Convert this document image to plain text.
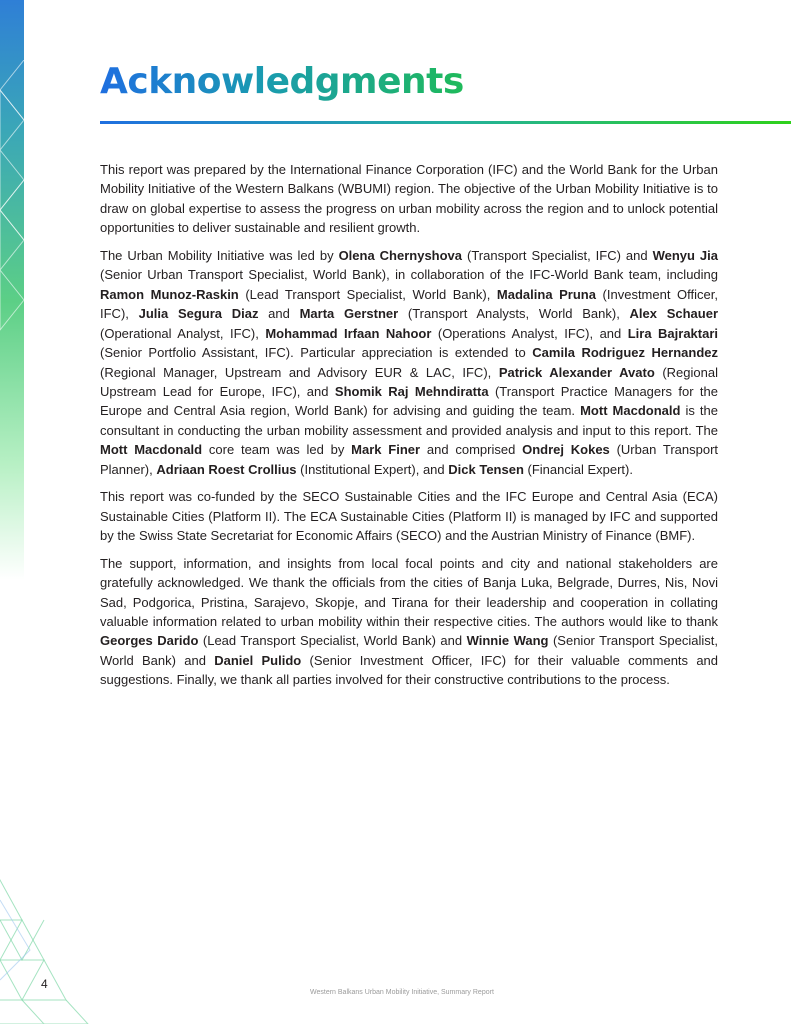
Acknowledgments

This report was prepared by the International Finance Corporation (IFC) and the World Bank for the Urban Mobility Initiative of the Western Balkans (WBUMI) region. The objective of the Urban Mobility Initiative is to draw on global expertise to assess the progress on urban mobility across the region and to unlock potential opportunities to deliver sustainable and resilient growth.

The Urban Mobility Initiative was led by Olena Chernyshova (Transport Specialist, IFC) and Wenyu Jia (Senior Urban Transport Specialist, World Bank), in collaboration of the IFC-World Bank team, including Ramon Munoz-Raskin (Lead Transport Specialist, World Bank), Madalina Pruna (Investment Officer, IFC), Julia Segura Diaz and Marta Gerstner (Transport Analysts, World Bank), Alex Schauer (Operational Analyst, IFC), Mohammad Irfaan Nahoor (Operations Analyst, IFC), and Lira Bajraktari (Senior Portfolio Assistant, IFC). Particular appreciation is extended to Camila Rodriguez Hernandez (Regional Manager, Upstream and Advisory EUR & LAC, IFC), Patrick Alexander Avato (Regional Upstream Lead for Europe, IFC), and Shomik Raj Mehndiratta (Transport Practice Managers for the Europe and Central Asia region, World Bank) for advising and guiding the team. Mott Macdonald is the consultant in conducting the urban mobility assessment and provided analysis and input to this report. The Mott Macdonald core team was led by Mark Finer and comprised Ondrej Kokes (Urban Transport Planner), Adriaan Roest Crollius (Institutional Expert), and Dick Tensen (Financial Expert).

This report was co-funded by the SECO Sustainable Cities and the IFC Europe and Central Asia (ECA) Sustainable Cities (Platform II). The ECA Sustainable Cities (Platform II) is managed by IFC and supported by the Swiss State Secretariat for Economic Affairs (SECO) and the Austrian Ministry of Finance (BMF).

The support, information, and insights from local focal points and city and national stakeholders are gratefully acknowledged. We thank the officials from the cities of Banja Luka, Belgrade, Durres, Nis, Novi Sad, Podgorica, Pristina, Sarajevo, Skopje, and Tirana for their leadership and cooperation in collating valuable information related to urban mobility within their respective cities. The authors would like to thank Georges Darido (Lead Transport Specialist, World Bank) and Winnie Wang (Senior Transport Specialist, World Bank) and Daniel Pulido (Senior Investment Officer, IFC) for their valuable comments and suggestions. Finally, we thank all parties involved for their constructive contributions to the process.

4
Western Balkans Urban Mobility Initiative, Summary Report
